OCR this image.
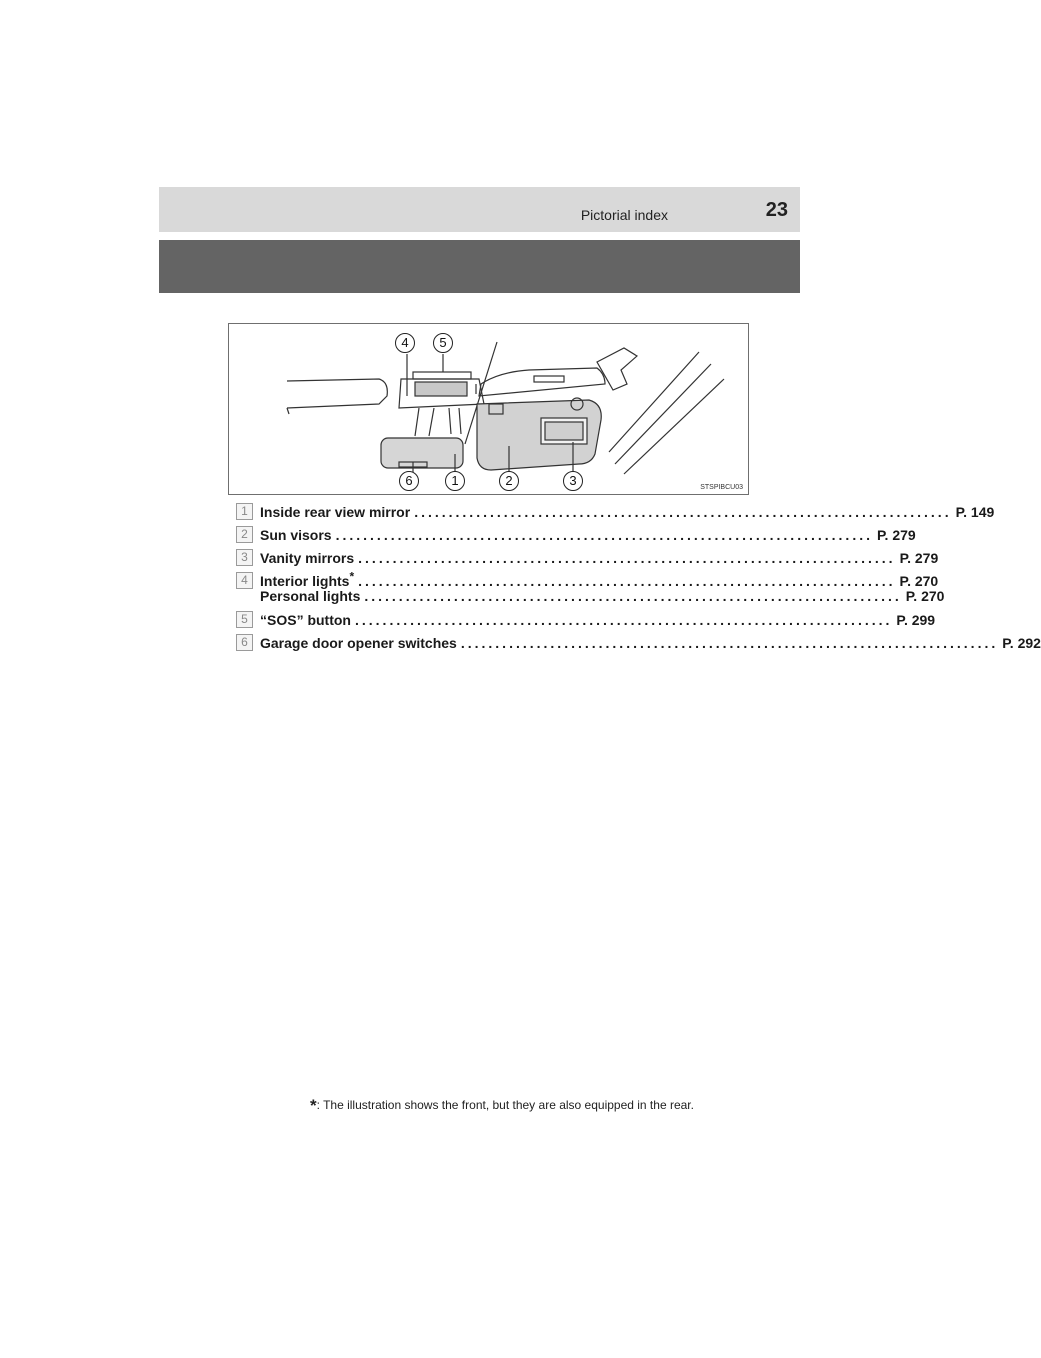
Pictorial index	23
4	5
6	1	2	3	STSPIBCU03
1 Inside rear view mirror .............................................................................. P. 149
2 Sun visors .............................................................................. P. 279
3 Vanity mirrors .............................................................................. P. 279
4 Interior lights* .............................................................................. P. 270
Personal lights .............................................................................. P. 270
5 “SOS” button .............................................................................. P. 299
6 Garage door opener switches .............................................................................. P. 292
*: The illustration shows the front, but they are also equipped in the rear.
